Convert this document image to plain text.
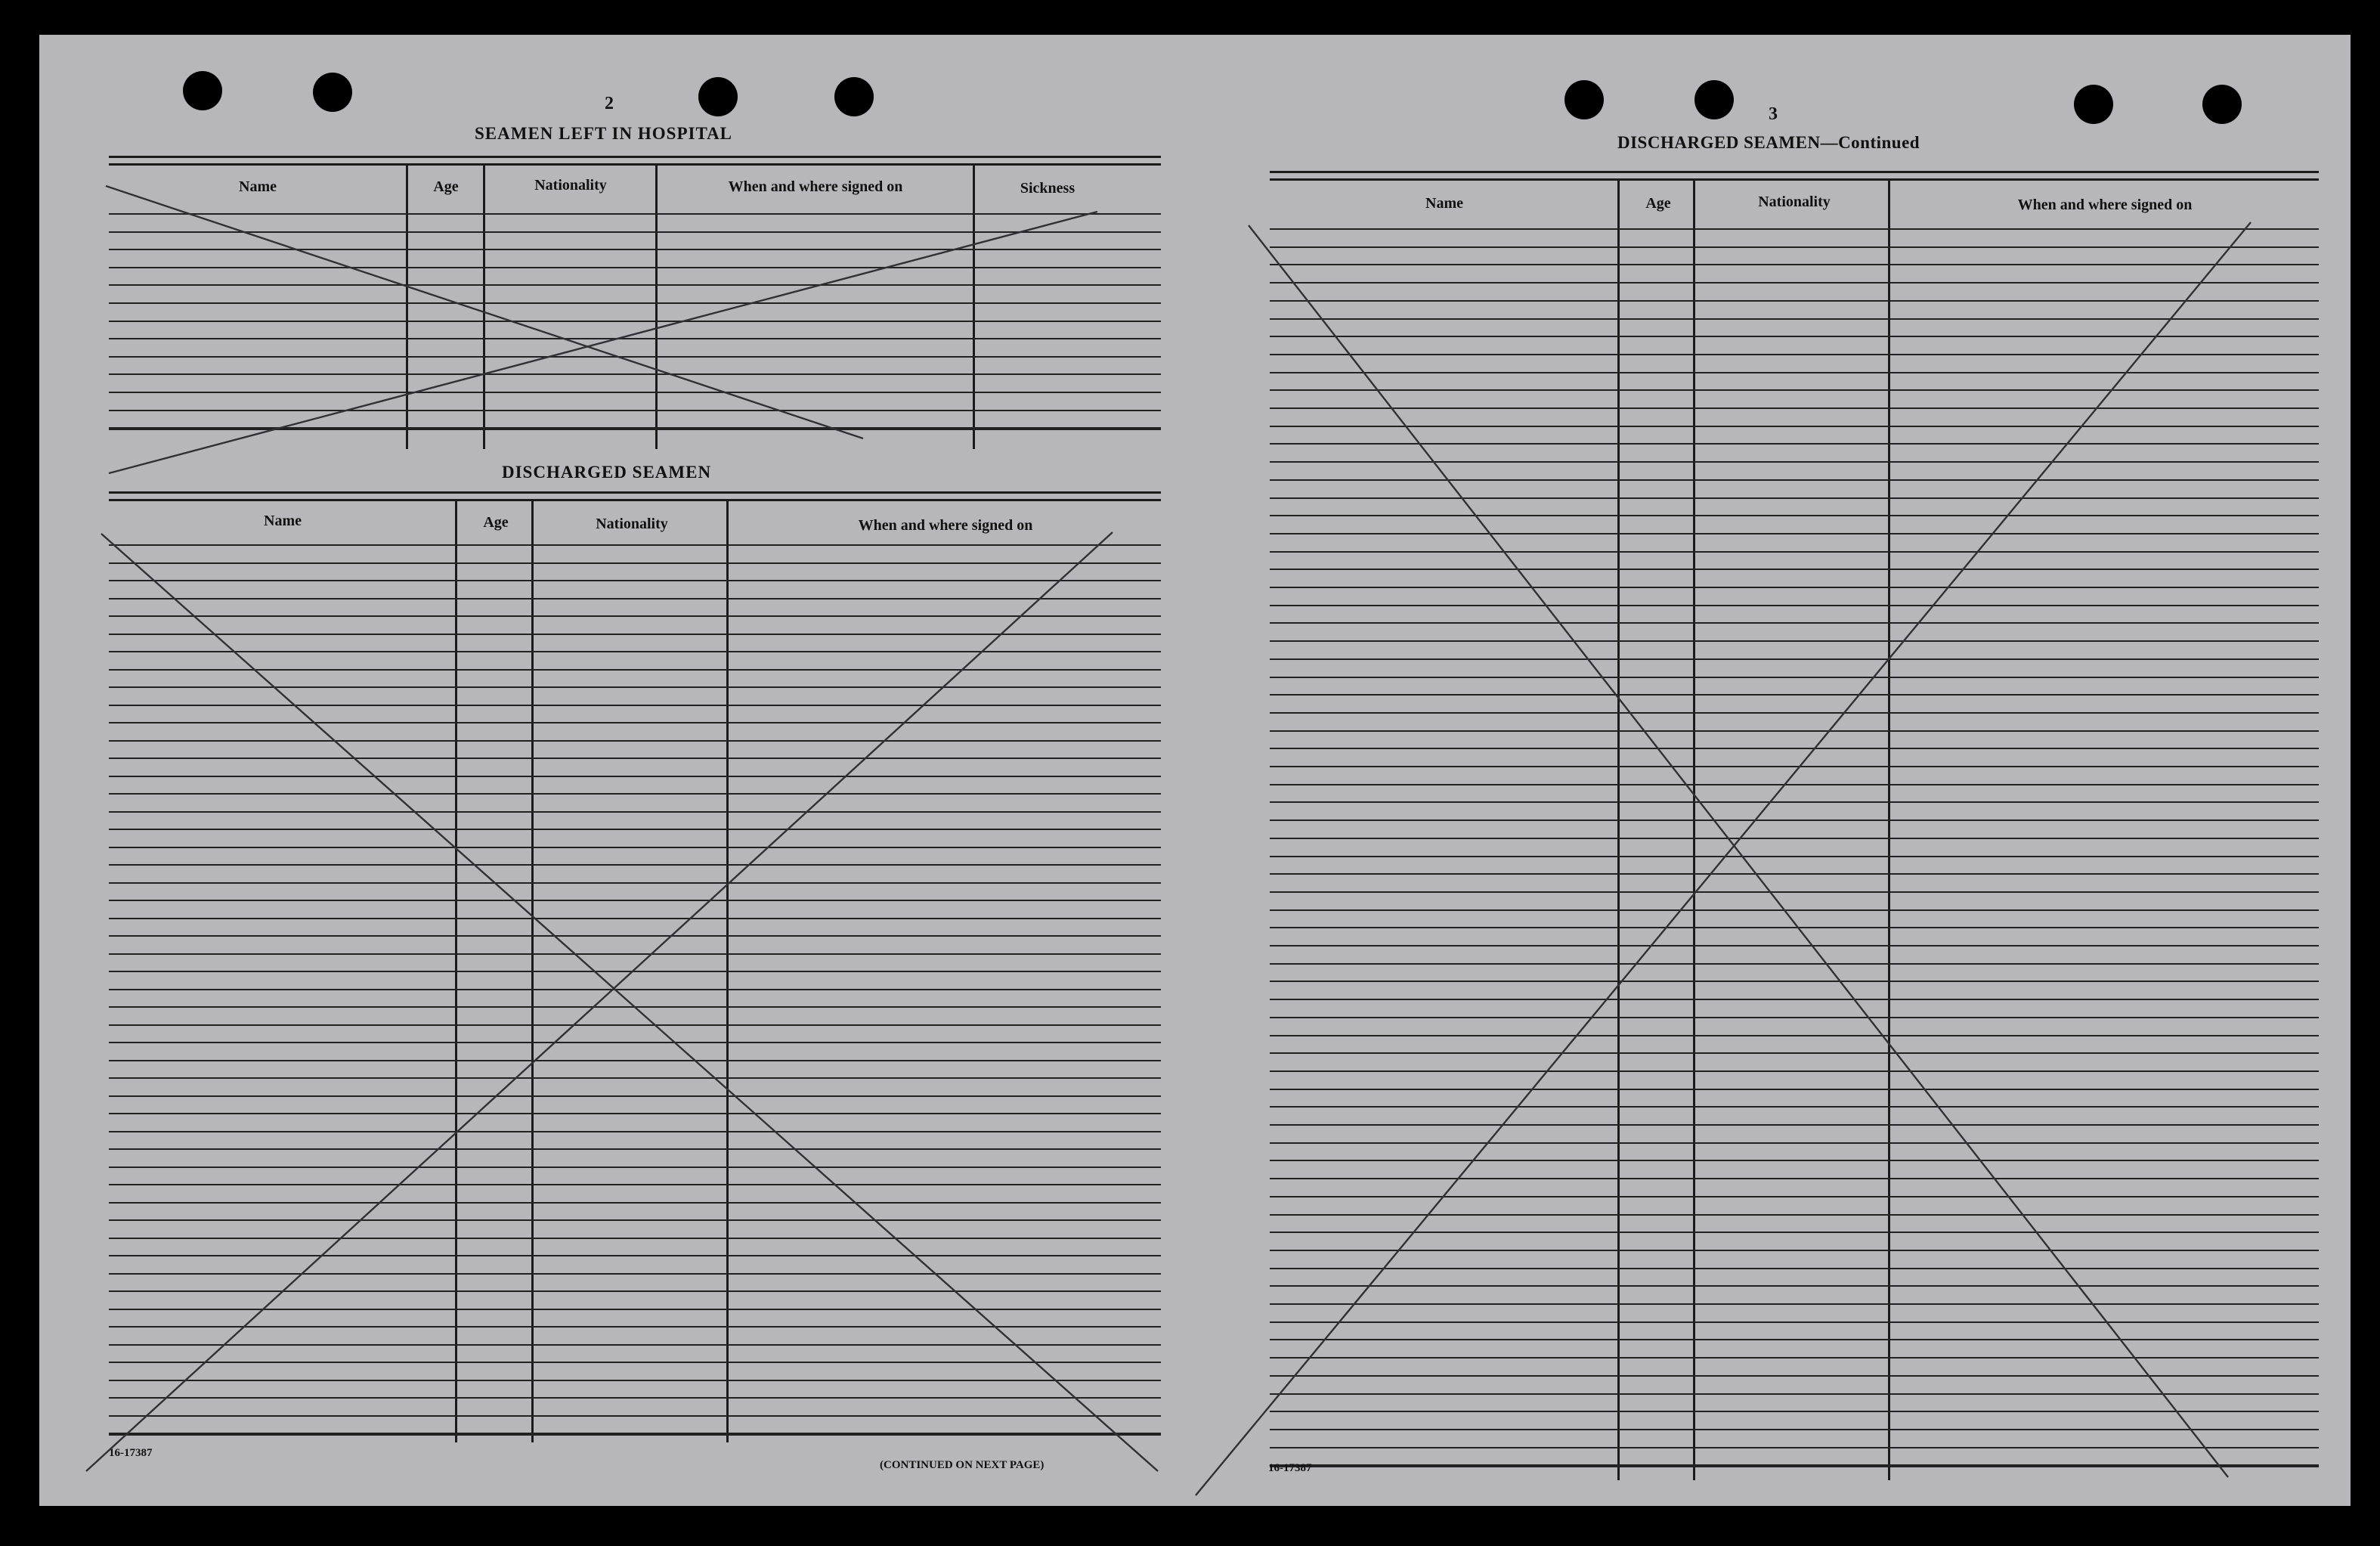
2
SEAMEN LEFT IN HOSPITAL
Name	Age	Nationality	When and where signed on	Sickness
DISCHARGED SEAMEN
Name	Age	Nationality	When and where signed on
16-17387
(CONTINUED ON NEXT PAGE)
3
DISCHARGED SEAMEN—Continued
Name	Age	Nationality	When and where signed on
16-17387
